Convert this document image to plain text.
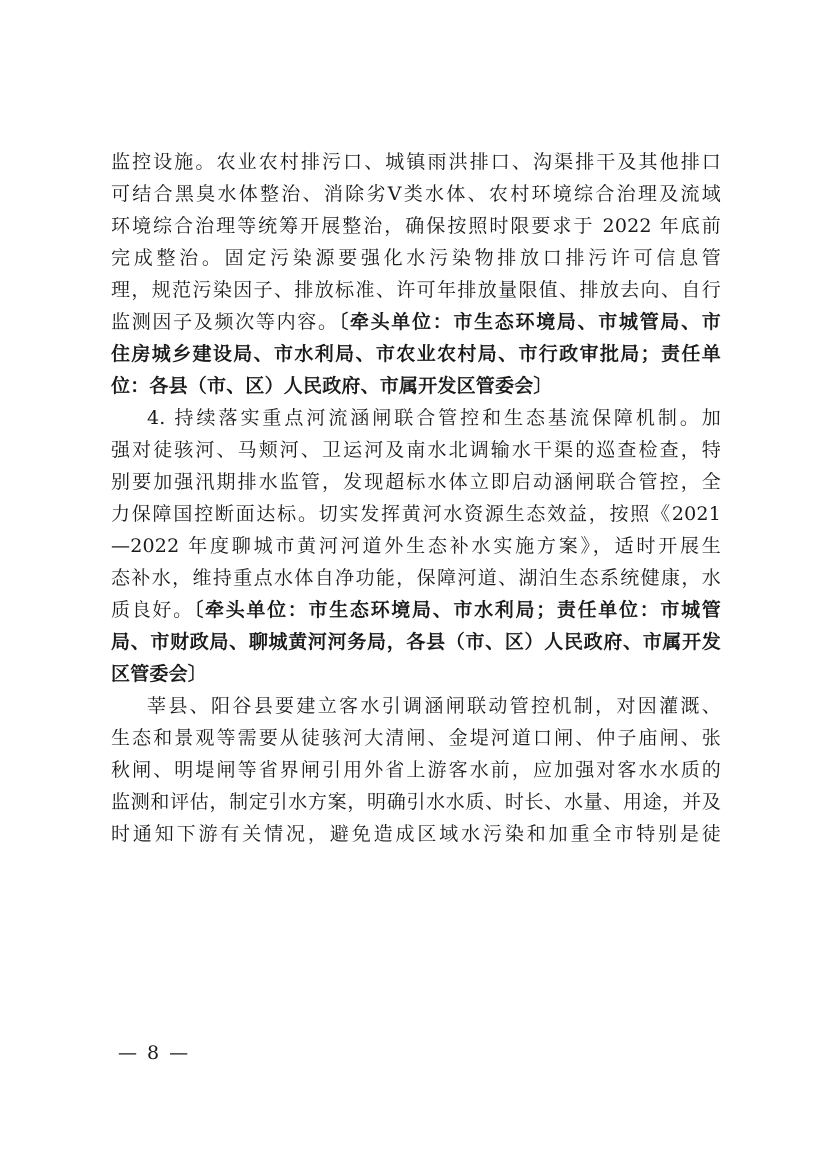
监控设施。农业农村排污口、城镇雨洪排口、沟渠排干及其他排口
可结合黑臭水体整治、消除劣Ⅴ类水体、农村环境综合治理及流域
环境综合治理等统筹开展整治，确保按照时限要求于 2022 年底前
完成整治。固定污染源要强化水污染物排放口排污许可信息管
理，规范污染因子、排放标准、许可年排放量限值、排放去向、自行
监测因子及频次等内容。〔牵头单位：市生态环境局、市城管局、市
住房城乡建设局、市水利局、市农业农村局、市行政审批局；责任单
位：各县（市、区）人民政府、市属开发区管委会〕
4. 持续落实重点河流涵闸联合管控和生态基流保障机制。加
强对徒骇河、马颊河、卫运河及南水北调输水干渠的巡查检查，特
别要加强汛期排水监管，发现超标水体立即启动涵闸联合管控，全
力保障国控断面达标。切实发挥黄河水资源生态效益，按照《2021
—2022 年度聊城市黄河河道外生态补水实施方案》，适时开展生
态补水，维持重点水体自净功能，保障河道、湖泊生态系统健康，水
质良好。〔牵头单位：市生态环境局、市水利局；责任单位：市城管
局、市财政局、聊城黄河河务局，各县（市、区）人民政府、市属开发
区管委会〕
莘县、阳谷县要建立客水引调涵闸联动管控机制，对因灌溉、
生态和景观等需要从徒骇河大清闸、金堤河道口闸、仲子庙闸、张
秋闸、明堤闸等省界闸引用外省上游客水前，应加强对客水水质的
监测和评估，制定引水方案，明确引水水质、时长、水量、用途，并及
时通知下游有关情况，避免造成区域水污染和加重全市特别是徒
— 8 —
